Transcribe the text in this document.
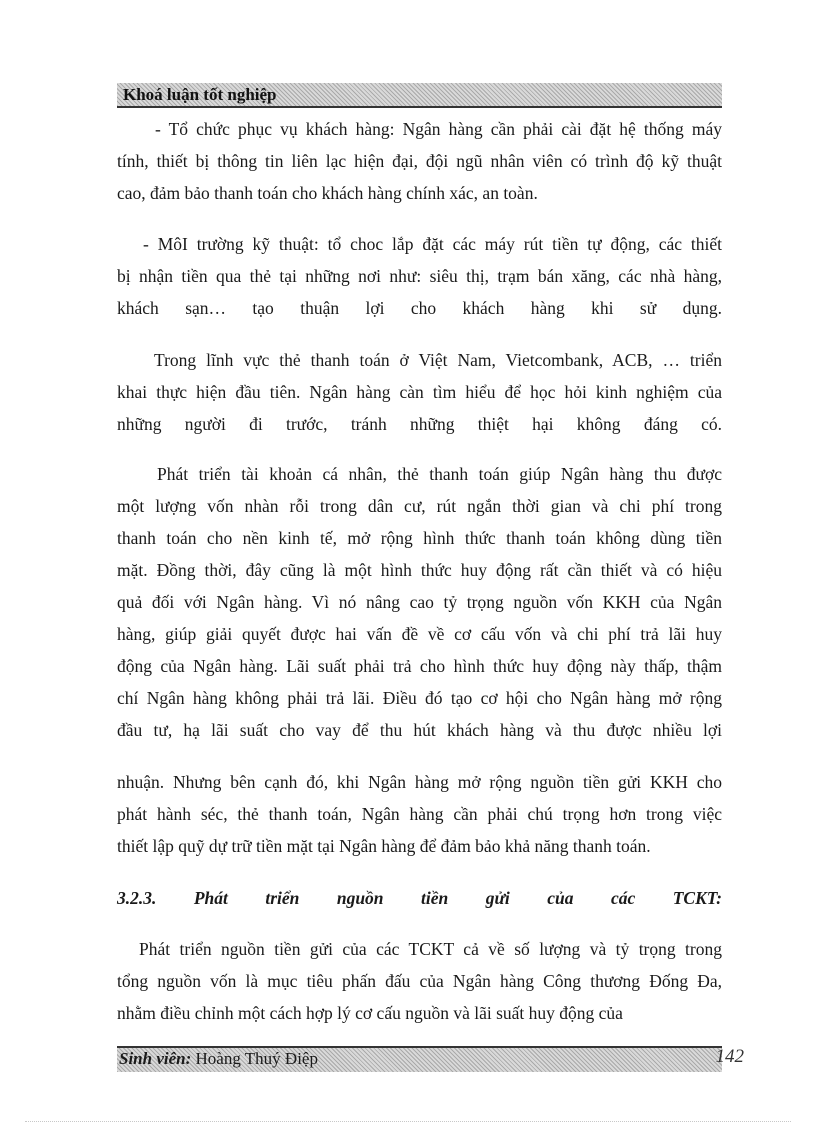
Khoá luận tốt nghiệp
- Tổ chức phục vụ khách hàng: Ngân hàng cần phải cài đặt hệ thống máy
tính, thiết bị thông tin liên lạc hiện đại, đội ngũ nhân viên có trình độ kỹ thuật
cao, đảm bảo thanh toán cho khách hàng chính xác, an toàn.
- MôI trường kỹ thuật: tổ choc lắp đặt các máy rút tiền tự động, các thiết
bị nhận tiền qua thẻ tại những nơi như: siêu thị, trạm bán xăng, các nhà hàng,
khách sạn… tạo thuận lợi cho khách hàng khi sử dụng.
Trong lĩnh vực thẻ thanh toán ở Việt Nam, Vietcombank, ACB, … triển
khai thực hiện đầu tiên. Ngân hàng càn tìm hiểu để học hỏi kinh nghiệm của
những người đi trước, tránh những thiệt hại không đáng có.
Phát triển tài khoản cá nhân, thẻ thanh toán giúp Ngân hàng thu được
một lượng vốn nhàn rỗi trong dân cư, rút ngắn thời gian và chi phí trong
thanh toán cho nền kinh tế, mở rộng hình thức thanh toán không dùng tiền
mặt. Đồng thời, đây cũng là một hình thức huy động rất cần thiết và có hiệu
quả đối với Ngân hàng. Vì nó nâng cao tỷ trọng nguồn vốn KKH của Ngân
hàng, giúp giải quyết được hai vấn đề về cơ cấu vốn và chi phí trả lãi huy
động của Ngân hàng. Lãi suất phải trả cho hình thức huy động này thấp, thậm
chí Ngân hàng không phải trả lãi. Điều đó tạo cơ hội cho Ngân hàng mở rộng
đầu tư, hạ lãi suất cho vay để thu hút khách hàng và thu được nhiều lợi
nhuận. Nhưng bên cạnh đó, khi Ngân hàng mở rộng nguồn tiền gửi KKH cho
phát hành séc, thẻ thanh toán, Ngân hàng cần phải chú trọng hơn trong việc
thiết lập quỹ dự trữ tiền mặt tại Ngân hàng để đảm bảo khả năng thanh toán.
3.2.3. Phát triển nguồn tiền gửi của các TCKT:
Phát triển nguồn tiền gửi của các TCKT cả về số lượng và tỷ trọng trong
tổng nguồn vốn là mục tiêu phấn đấu của Ngân hàng Công thương Đống Đa,
nhằm điều chỉnh một cách hợp lý cơ cấu nguồn và lãi suất huy động của
Sinh viên: Hoàng Thuý Điệp	142
